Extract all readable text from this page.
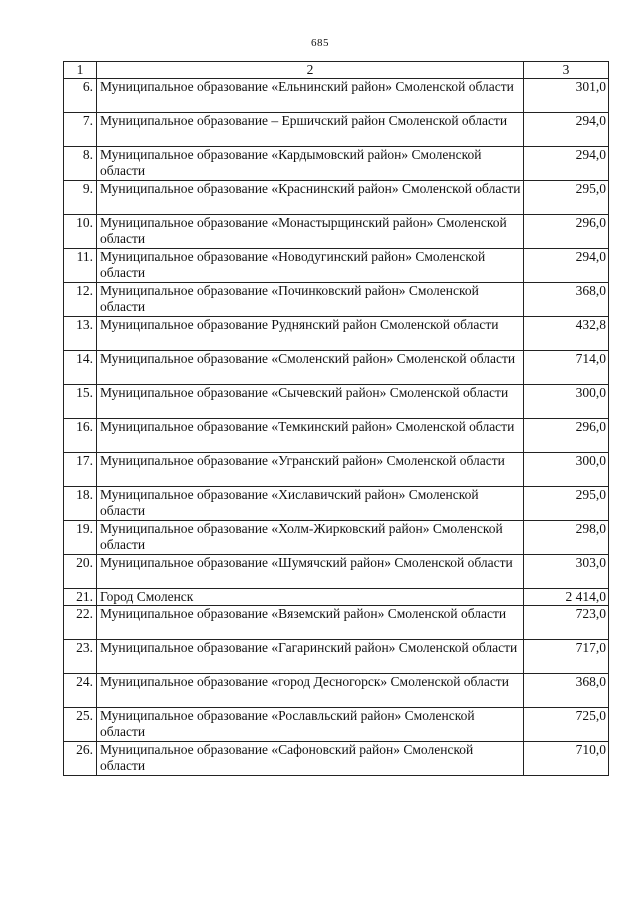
685
1	2	3
6.	Муниципальное образование «Ельнинский район» Смоленской области	301,0
7.	Муниципальное образование – Ершичский район Смоленской области	294,0
8.	Муниципальное образование «Кардымовский район» Смоленской области	294,0
9.	Муниципальное образование «Краснинский район» Смоленской области	295,0
10.	Муниципальное образование «Монастырщинский район» Смоленской области	296,0
11.	Муниципальное образование «Новодугинский район» Смоленской области	294,0
12.	Муниципальное образование «Починковский район» Смоленской области	368,0
13.	Муниципальное образование Руднянский район Смоленской области	432,8
14.	Муниципальное образование «Смоленский район» Смоленской области	714,0
15.	Муниципальное образование «Сычевский район» Смоленской области	300,0
16.	Муниципальное образование «Темкинский район» Смоленской области	296,0
17.	Муниципальное образование «Угранский район» Смоленской области	300,0
18.	Муниципальное образование «Хиславичский район» Смоленской области	295,0
19.	Муниципальное образование «Холм-Жирковский район» Смоленской области	298,0
20.	Муниципальное образование «Шумячский район» Смоленской области	303,0
21.	Город Смоленск	2 414,0
22.	Муниципальное образование «Вяземский район» Смоленской области	723,0
23.	Муниципальное образование «Гагаринский район» Смоленской области	717,0
24.	Муниципальное образование «город Десногорск» Смоленской области	368,0
25.	Муниципальное образование «Рославльский район» Смоленской области	725,0
26.	Муниципальное образование «Сафоновский район» Смоленской области	710,0
